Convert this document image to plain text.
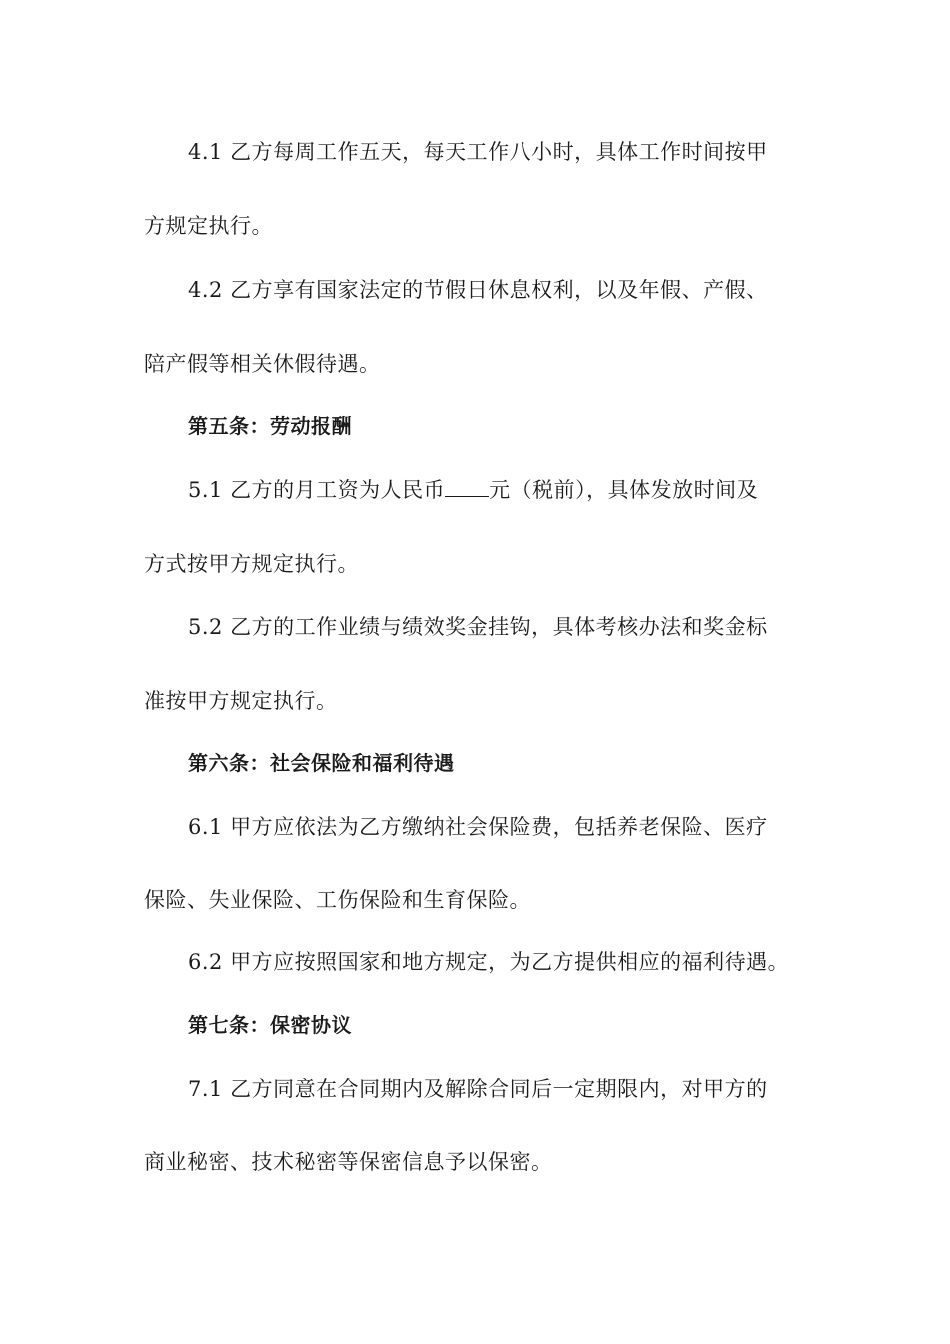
4.1 乙方每周工作五天，每天工作八小时，具体工作时间按甲
方规定执行。
4.2 乙方享有国家法定的节假日休息权利，以及年假、产假、
陪产假等相关休假待遇。
第五条：劳动报酬
5.1 乙方的月工资为人民币 元（税前），具体发放时间及
方式按甲方规定执行。
5.2 乙方的工作业绩与绩效奖金挂钩，具体考核办法和奖金标
准按甲方规定执行。
第六条：社会保险和福利待遇
6.1 甲方应依法为乙方缴纳社会保险费，包括养老保险、医疗
保险、失业保险、工伤保险和生育保险。
6.2 甲方应按照国家和地方规定，为乙方提供相应的福利待遇。
第七条：保密协议
7.1 乙方同意在合同期内及解除合同后一定期限内，对甲方的
商业秘密、技术秘密等保密信息予以保密。
